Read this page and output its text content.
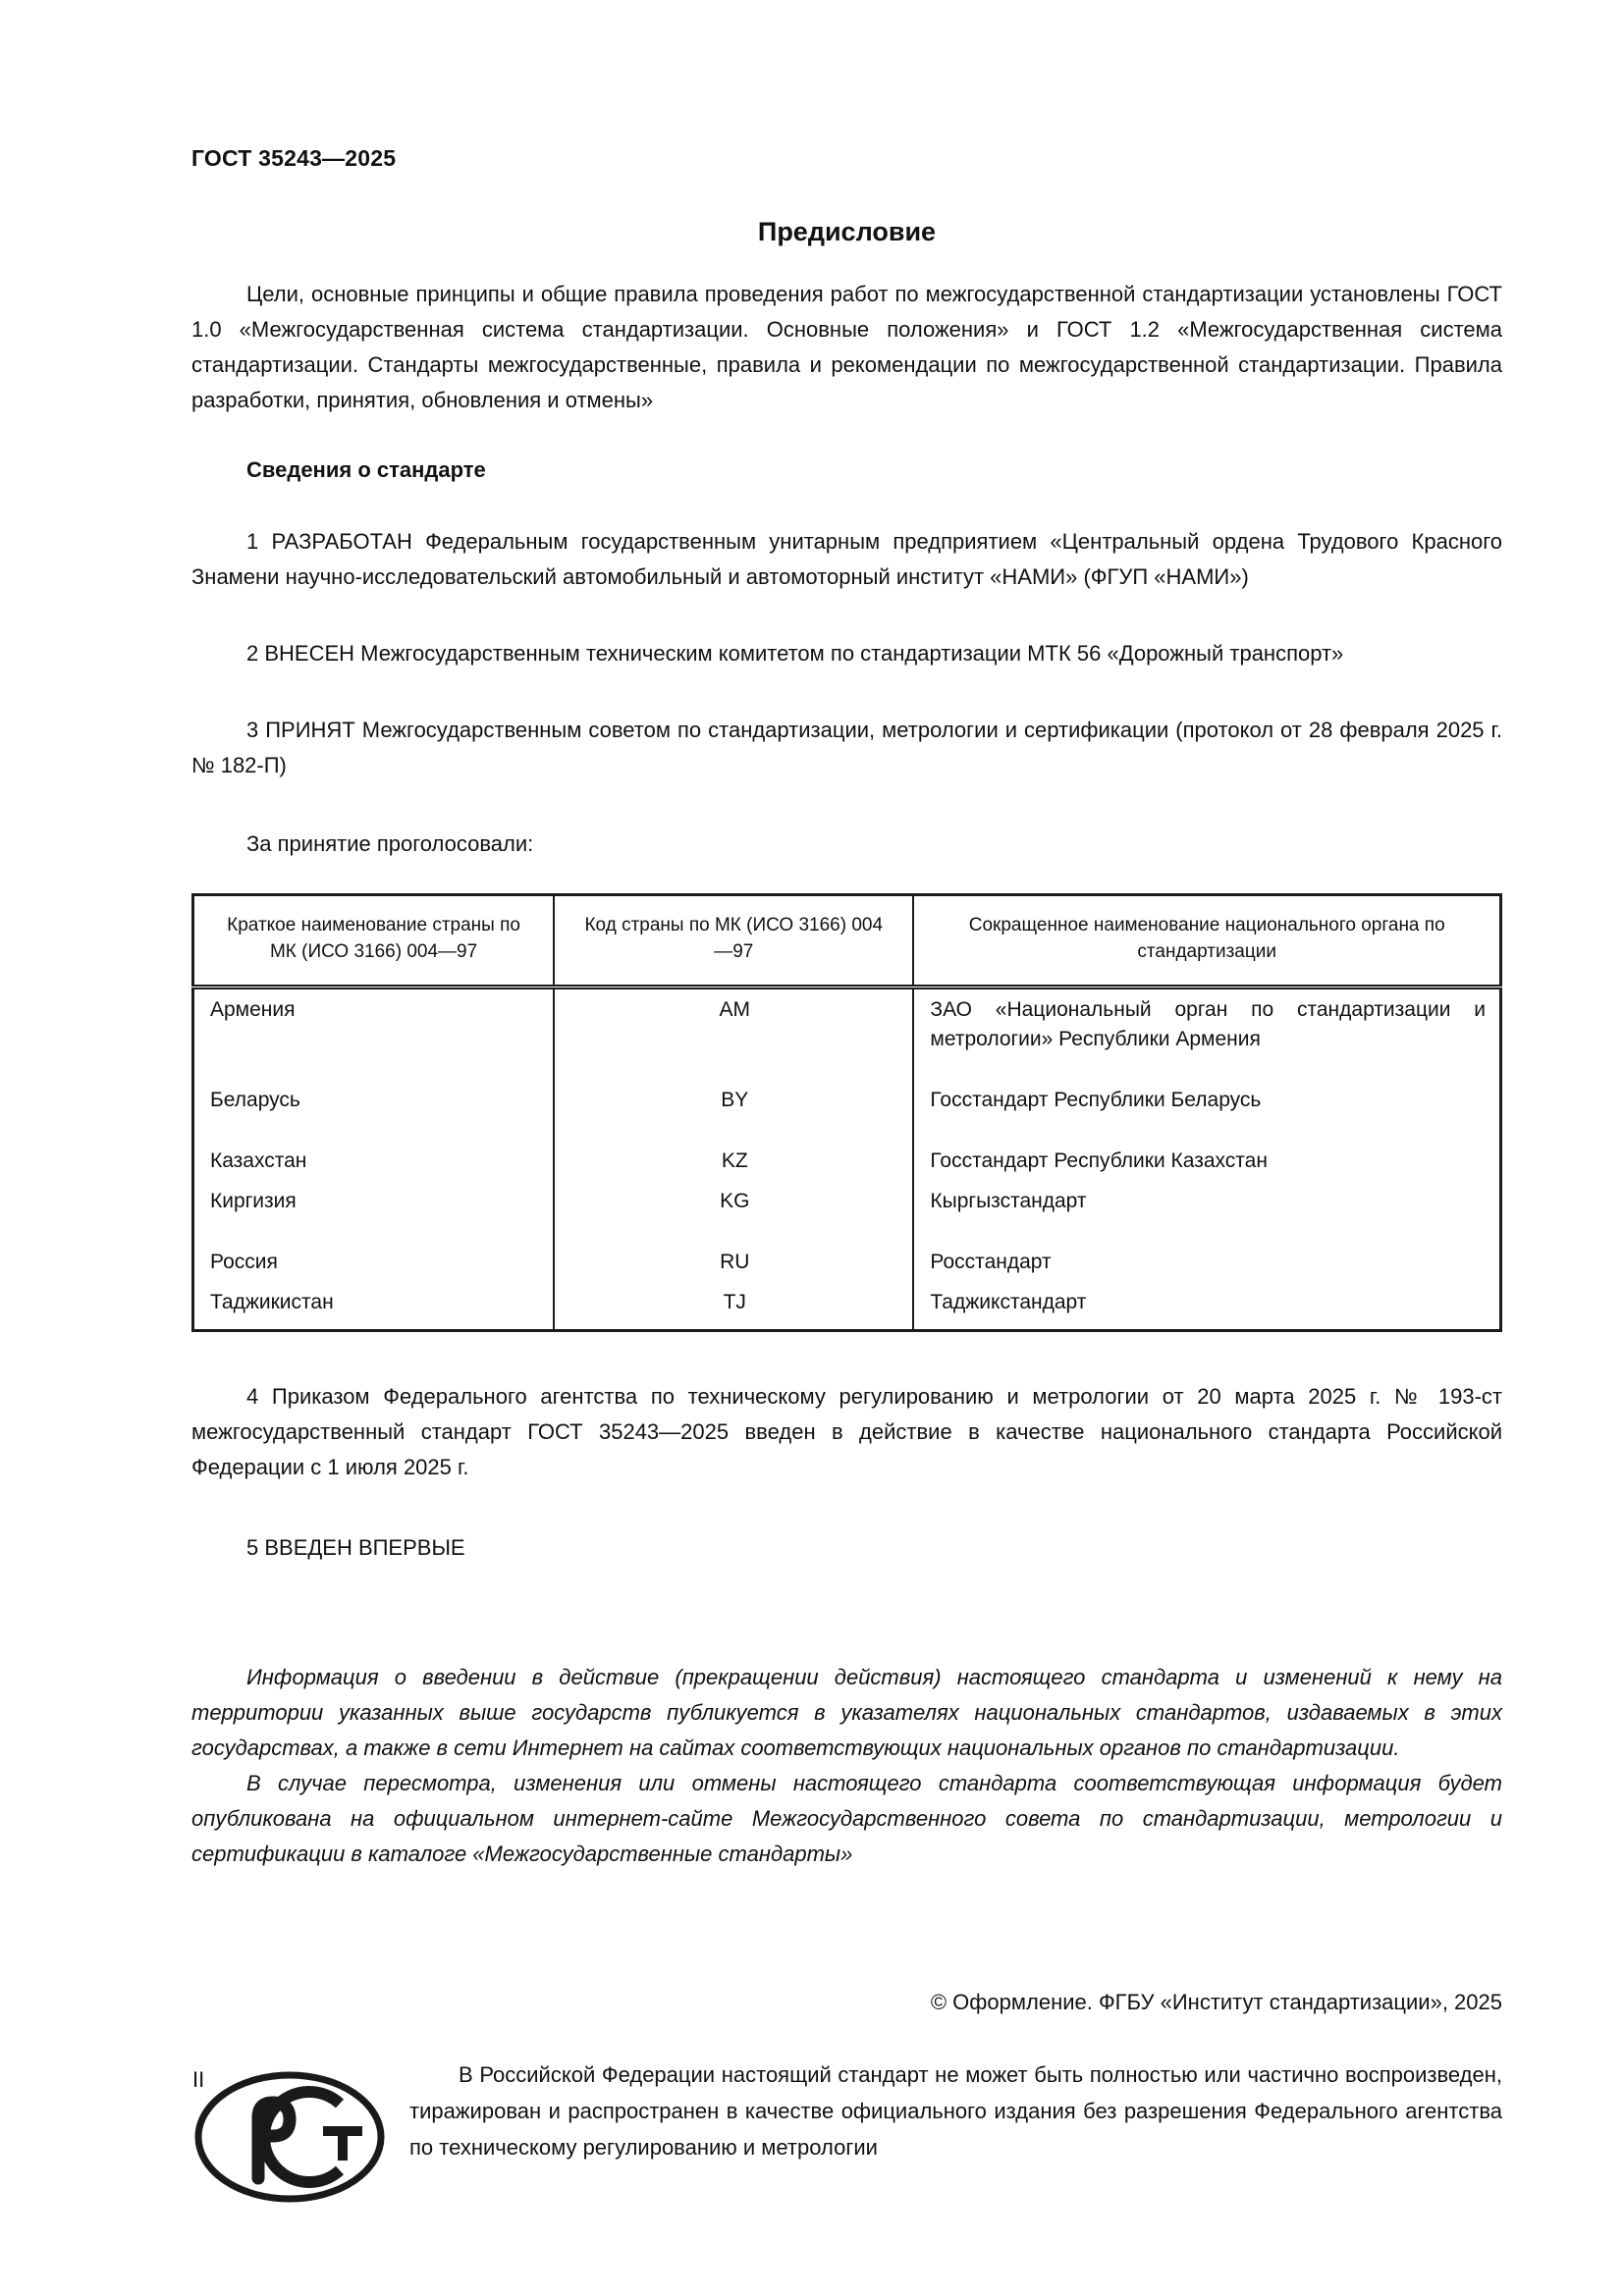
ГОСТ 35243—2025
Предисловие

Цели, основные принципы и общие правила проведения работ по межгосударственной стандартизации установлены ГОСТ 1.0 «Межгосударственная система стандартизации. Основные положения» и ГОСТ 1.2 «Межгосударственная система стандартизации. Стандарты межгосударственные, правила и рекомендации по межгосударственной стандартизации. Правила разработки, принятия, обновления и отмены»

Сведения о стандарте

1 РАЗРАБОТАН Федеральным государственным унитарным предприятием «Центральный ордена Трудового Красного Знамени научно-исследовательский автомобильный и автомоторный институт «НАМИ» (ФГУП «НАМИ»)

2 ВНЕСЕН Межгосударственным техническим комитетом по стандартизации МТК 56 «Дорожный транспорт»

3 ПРИНЯТ Межгосударственным советом по стандартизации, метрологии и сертификации (протокол от 28 февраля 2025 г. № 182-П)

За принятие проголосовали:
Краткое наименование страны по МК (ИСО 3166) 004—97	Код страны по МК (ИСО 3166) 004—97	Сокращенное наименование национального органа по стандартизации
Армения	AM	ЗАО «Национальный орган по стандартизации и метрологии» Республики Армения
Беларусь	BY	Госстандарт Республики Беларусь
Казахстан	KZ	Госстандарт Республики Казахстан
Киргизия	KG	Кыргызстандарт
Россия	RU	Росстандарт
Таджикистан	TJ	Таджикстандарт

4 Приказом Федерального агентства по техническому регулированию и метрологии от 20 марта 2025 г. № 193-ст межгосударственный стандарт ГОСТ 35243—2025 введен в действие в качестве национального стандарта Российской Федерации с 1 июля 2025 г.

5 ВВЕДЕН ВПЕРВЫЕ

Информация о введении в действие (прекращении действия) настоящего стандарта и изменений к нему на территории указанных выше государств публикуется в указателях национальных стандартов, издаваемых в этих государствах, а также в сети Интернет на сайтах соответствующих национальных органов по стандартизации.

В случае пересмотра, изменения или отмены настоящего стандарта соответствующая информация будет опубликована на официальном интернет-сайте Межгосударственного совета по стандартизации, метрологии и сертификации в каталоге «Межгосударственные стандарты»

© Оформление. ФГБУ «Институт стандартизации», 2025

В Российской Федерации настоящий стандарт не может быть полностью или частично воспроизведен, тиражирован и распространен в качестве официального издания без разрешения Федерального агентства по техническому регулированию и метрологии

II
